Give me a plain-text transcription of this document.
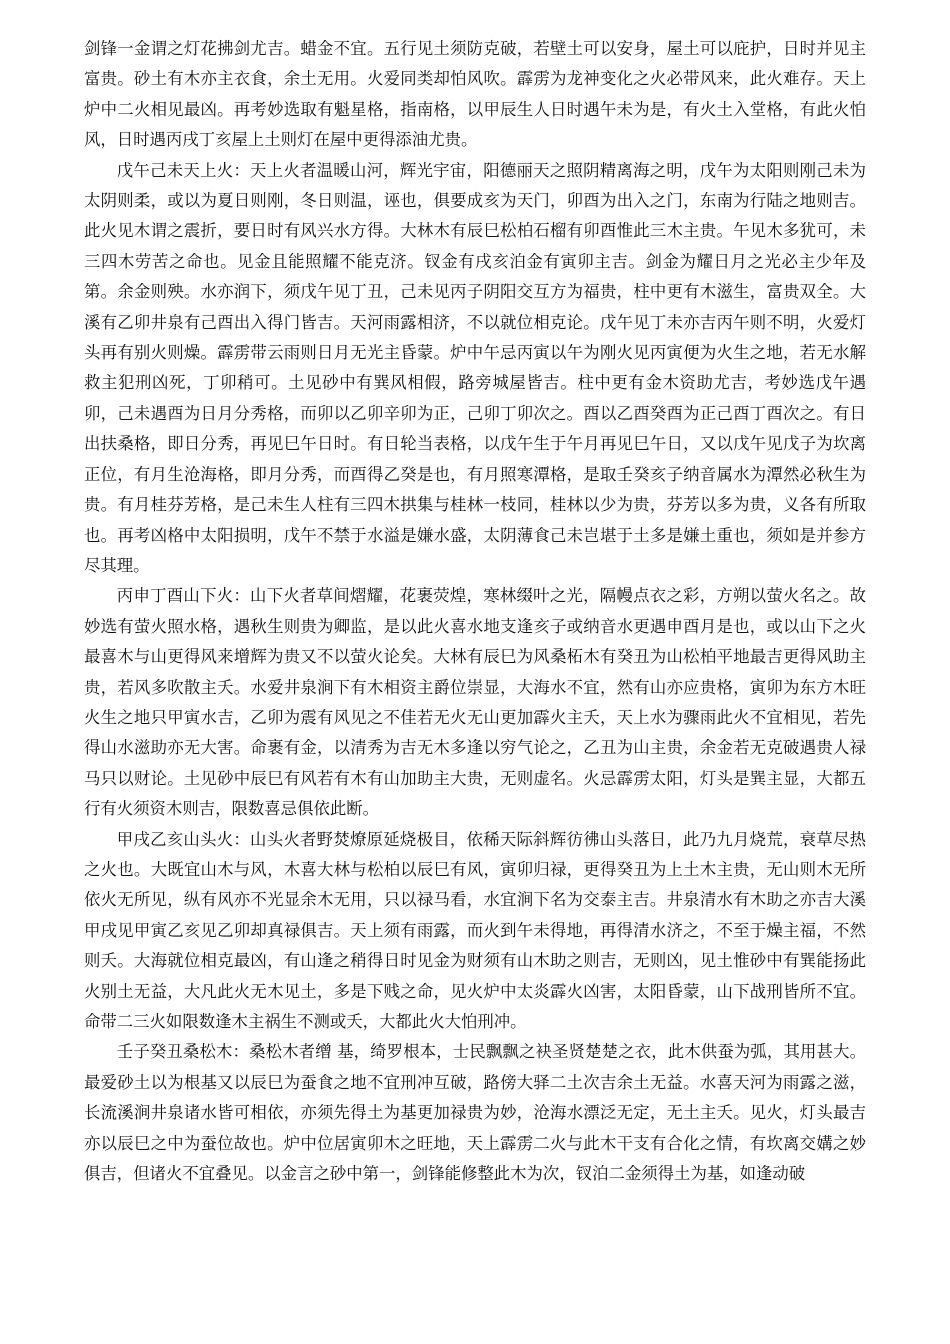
剑锋一金谓之灯花拂剑尤吉。蜡金不宜。五行见土须防克破，若壁土可以安身，屋土可以庇护，日时并见主富贵。砂土有木亦主衣食，余土无用。火爱同类却怕风吹。霹雳为龙神变化之火必带风来，此火难存。天上炉中二火相见最凶。再考妙选取有魁星格，指南格，以甲辰生人日时遇午未为是，有火土入堂格，有此火怕风，日时遇丙戌丁亥屋上土则灯在屋中更得添油尤贵。

戊午己未天上火：天上火者温暖山河，辉光宇宙，阳德丽天之照阴精离海之明，戊午为太阳则刚己未为太阴则柔，或以为夏日则刚，冬日则温，诬也，俱要成亥为天门，卯酉为出入之门，东南为行陆之地则吉。此火见木谓之震折，要日时有风兴水方得。大林木有辰巳松柏石榴有卯酉惟此三木主贵。午见木多犹可，未三四木劳苦之命也。见金且能照耀不能克济。钗金有戌亥泊金有寅卯主吉。剑金为耀日月之光必主少年及第。余金则殃。水亦润下，须戊午见丁丑，己未见丙子阴阳交互方为福贵，柱中更有木滋生，富贵双全。大溪有乙卯井泉有己酉出入得门皆吉。天河雨露相济，不以就位相克论。戊午见丁未亦吉丙午则不明，火爱灯头再有别火则燥。霹雳带云雨则日月无光主昏蒙。炉中午忌丙寅以午为刚火见丙寅便为火生之地，若无水解救主犯刑凶死，丁卯稍可。土见砂中有巽风相假，路旁城屋皆吉。柱中更有金木资助尤吉，考妙选戊午遇卯，己未遇酉为日月分秀格，而卯以乙卯辛卯为正，己卯丁卯次之。酉以乙酉癸酉为正己酉丁酉次之。有日出扶桑格，即日分秀，再见巳午日时。有日轮当表格，以戊午生于午月再见巳午日，又以戊午见戊子为坎离正位，有月生沧海格，即月分秀，而酉得乙癸是也，有月照寒潭格，是取壬癸亥子纳音属水为潭然必秋生为贵。有月桂芬芳格，是己未生人柱有三四木拱集与桂林一枝同，桂林以少为贵，芬芳以多为贵，义各有所取也。再考凶格中太阳损明，戊午不禁于水溢是嫌水盛，太阴薄食己未岂堪于土多是嫌土重也，须如是并参方尽其理。

丙申丁酉山下火：山下火者草间熠耀，花裹荧煌，寒林缀叶之光，隔幔点衣之彩，方朔以萤火名之。故妙选有萤火照水格，遇秋生则贵为卿监，是以此火喜水地支逢亥子或纳音水更遇申酉月是也，或以山下之火最喜木与山更得风来增辉为贵又不以萤火论矣。大林有辰巳为风桑柘木有癸丑为山松柏平地最吉更得风助主贵，若风多吹散主夭。水爱井泉涧下有木相资主爵位崇显，大海水不宜，然有山亦应贵格，寅卯为东方木旺火生之地只甲寅水吉，乙卯为震有风见之不佳若无火无山更加霹火主夭，天上水为骤雨此火不宜相见，若先得山水滋助亦无大害。命裹有金，以清秀为吉无木多逢以穷气论之，乙丑为山主贵，余金若无克破遇贵人禄马只以财论。土见砂中辰巳有风若有木有山加助主大贵，无则虚名。火忌霹雳太阳，灯头是巽主显，大都五行有火须资木则吉，限数喜忌俱依此断。

甲戌乙亥山头火：山头火者野焚燎原延烧极目，依稀天际斜辉彷彿山头落日，此乃九月烧荒，衰草尽热之火也。大既宜山木与风，木喜大林与松柏以辰巳有风，寅卯归禄，更得癸丑为上土木主贵，无山则木无所依火无所见，纵有风亦不光显余木无用，只以禄马看，水宜涧下名为交泰主吉。井泉清水有木助之亦吉大溪甲戌见甲寅乙亥见乙卯却真禄俱吉。天上须有雨露，而火到午未得地，再得清水济之，不至于燥主福，不然则夭。大海就位相克最凶，有山逢之稍得日时见金为财须有山木助之则吉，无则凶，见土惟砂中有巽能扬此火别土无益，大凡此火无木见土，多是下贱之命，见火炉中太炎霹火凶害，太阳昏蒙，山下战刑皆所不宜。命带二三火如限数逢木主祸生不测或夭，大都此火大怕刑冲。

壬子癸丑桑松木：桑松木者缯 基，绮罗根本，士民飘飘之袂圣贤楚楚之衣，此木供蚕为弧，其用甚大。最爱砂土以为根基又以辰巳为蚕食之地不宜刑冲互破，路傍大驿二土次吉余土无益。水喜天河为雨露之滋，长流溪涧井泉诸水皆可相依，亦须先得土为基更加禄贵为妙，沧海水漂泛无定，无土主夭。见火，灯头最吉亦以辰巳之中为蚕位故也。炉中位居寅卯木之旺地，天上霹雳二火与此木干支有合化之情，有坎离交媾之妙俱吉，但诸火不宜叠见。以金言之砂中第一，剑锋能修整此木为次，钗泊二金须得土为基，如逢动破
